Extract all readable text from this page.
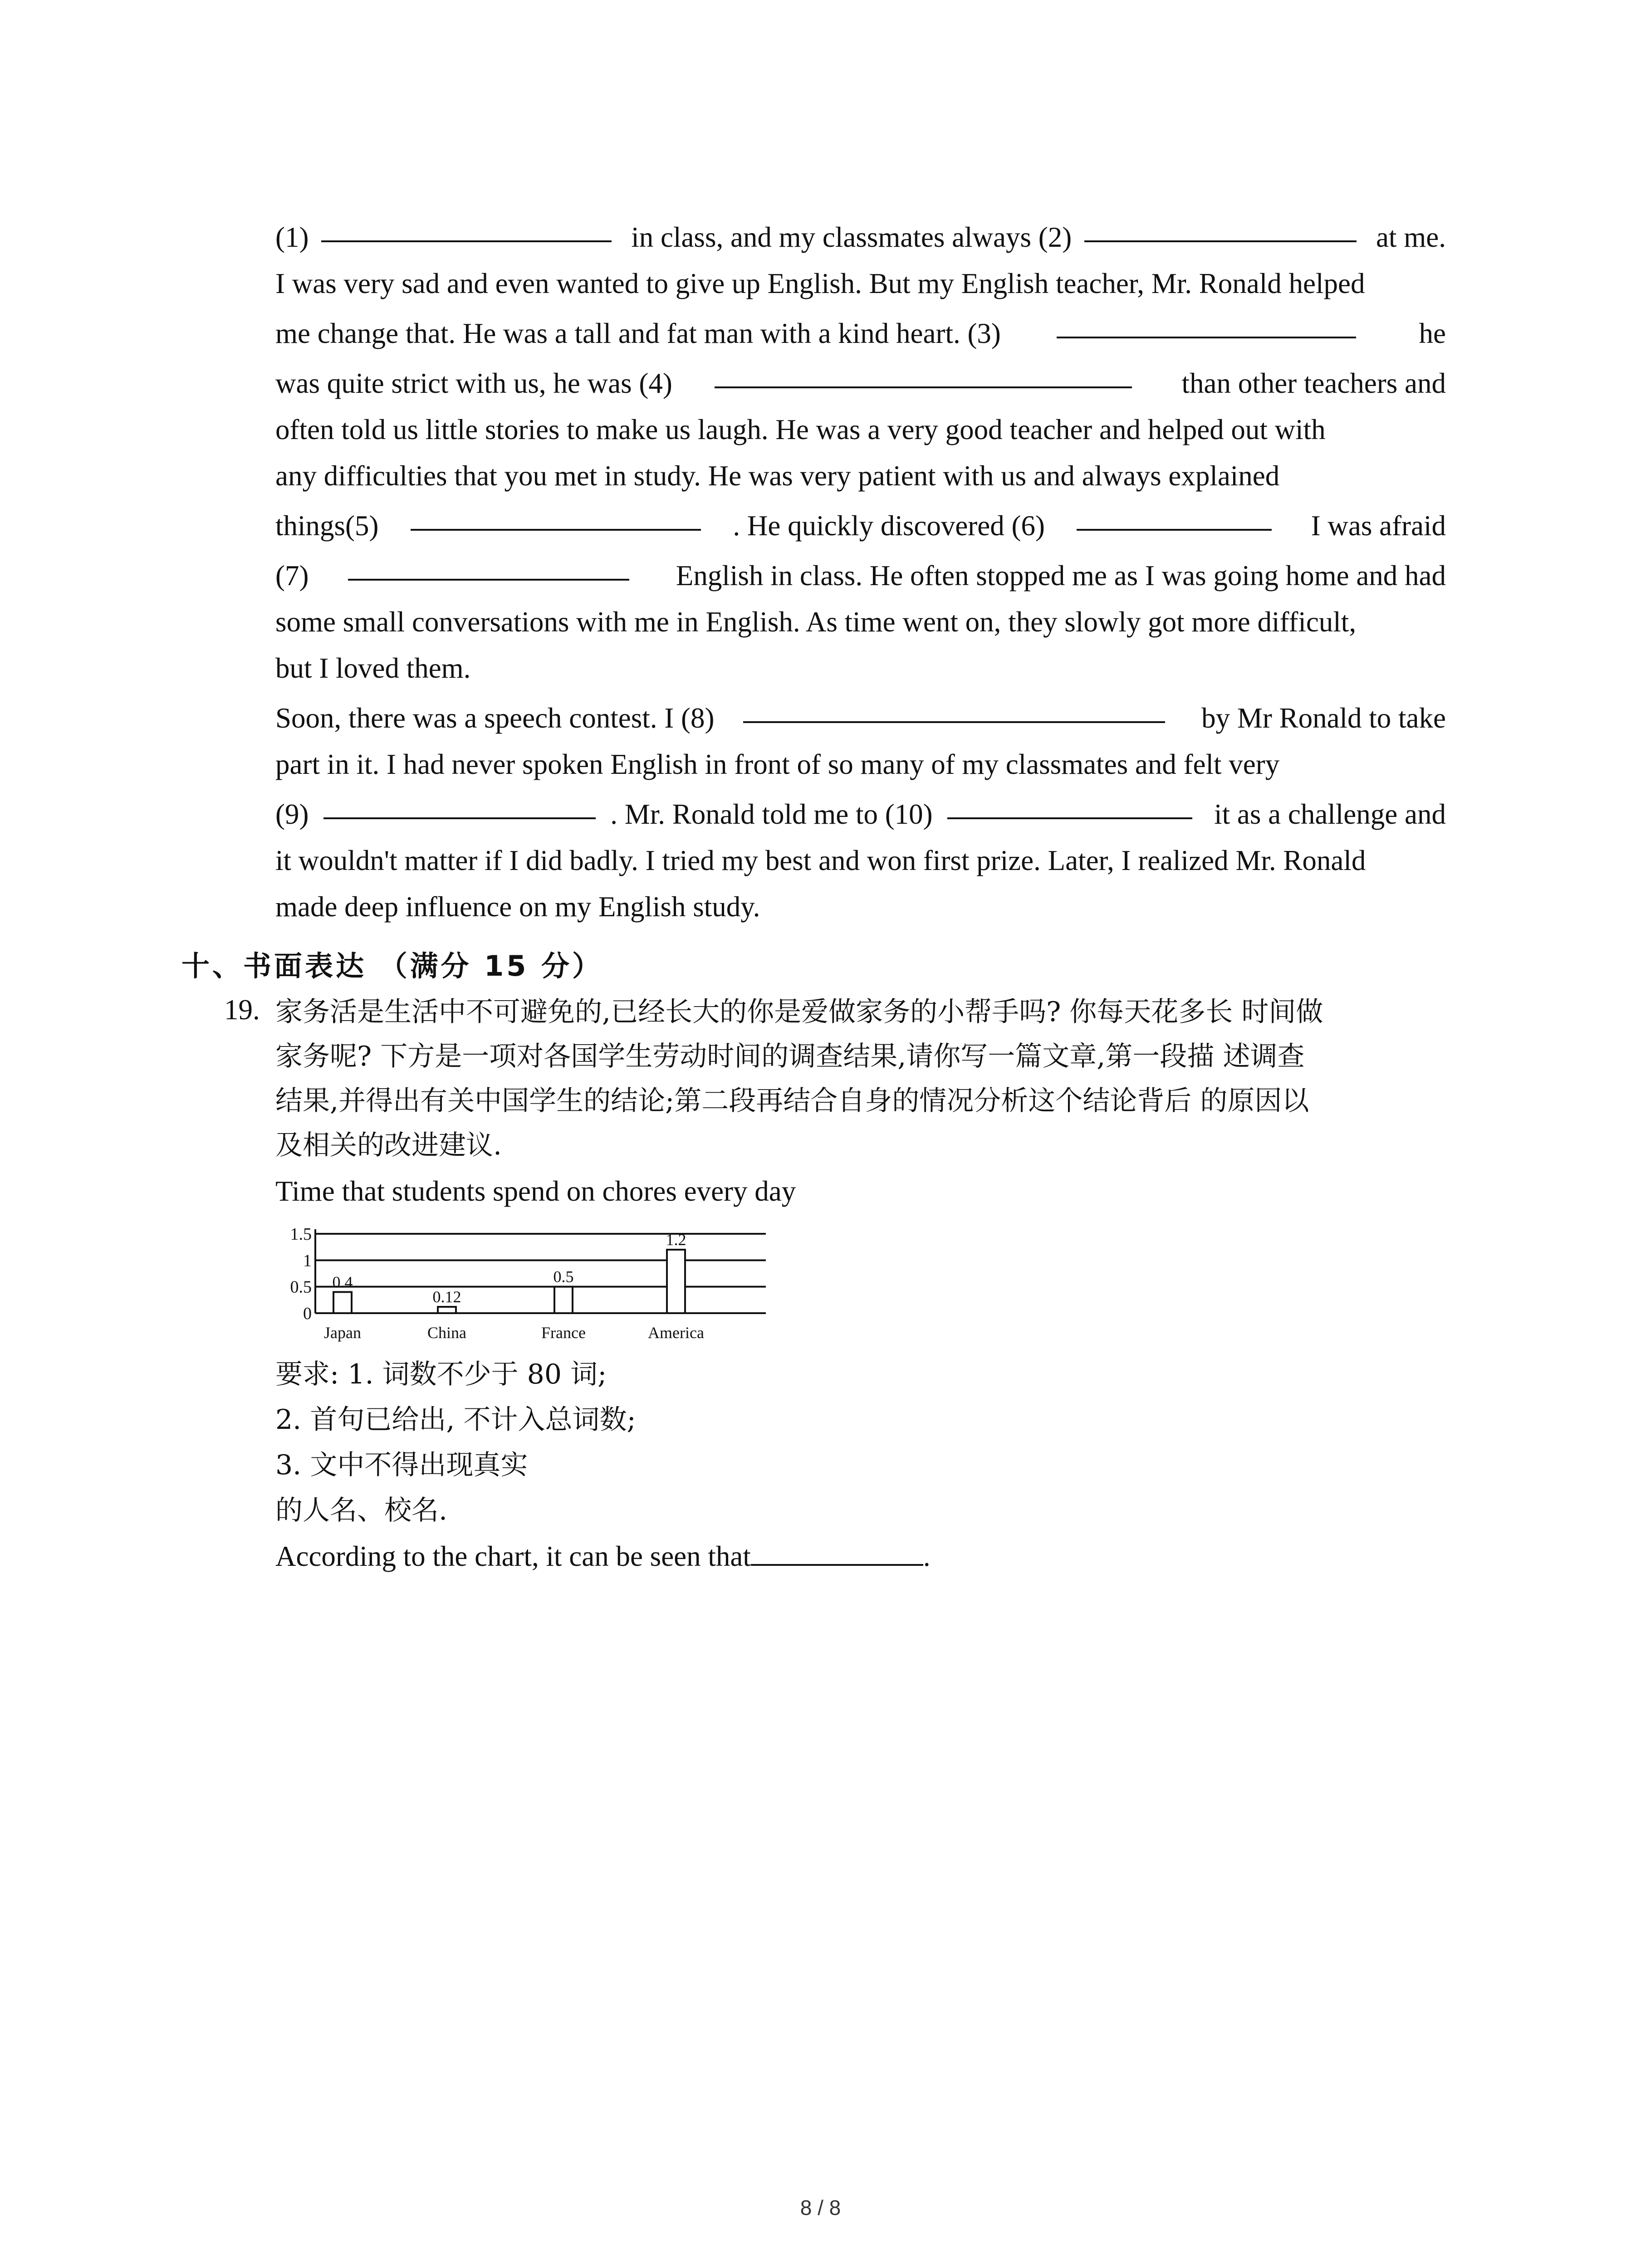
(1)	in class, and my classmates always (2)	at me.
I was very sad and even wanted to give up English. But my English teacher, Mr. Ronald helped
me change that. He was a tall and fat man with a kind heart. (3)	he
was quite strict with us, he was (4)	than other teachers and
often told us little stories to make us laugh. He was a very good teacher and helped out with
any difficulties that you met in study. He was very patient with us and always explained
things(5)	. He quickly discovered (6)	I was afraid
(7)	English in class. He often stopped me as I was going home and had
some small conversations with me in English. As time went on, they slowly got more difficult,
but I loved them.
Soon, there was a speech contest. I (8)	by Mr Ronald to take
part in it. I had never spoken English in front of so many of my classmates and felt very
(9)	. Mr. Ronald told me to (10)	it as a challenge and
it wouldn't matter if I did badly. I tried my best and won first prize. Later, I realized Mr. Ronald
made deep influence on my English study.
十、书面表达 （满分 15 分）
19. 家务活是生活中不可避免的,已经长大的你是爱做家务的小帮手吗? 你每天花多长 时间做
家务呢? 下方是一项对各国学生劳动时间的调查结果,请你写一篇文章,第一段描 述调查
结果,并得出有关中国学生的结论;第二段再结合自身的情况分析这个结论背后 的原因以
及相关的改进建议.
Time that students spend on chores every day
1.5
1
0.5
0
0.4
Japan
0.12
China
0.5
France
1.2
America
要求: 1. 词数不少于 80 词;
2. 首句已给出, 不计入总词数;
3. 文中不得出现真实
的人名、校名.
According to the chart, it can be seen that	.
8 / 8
